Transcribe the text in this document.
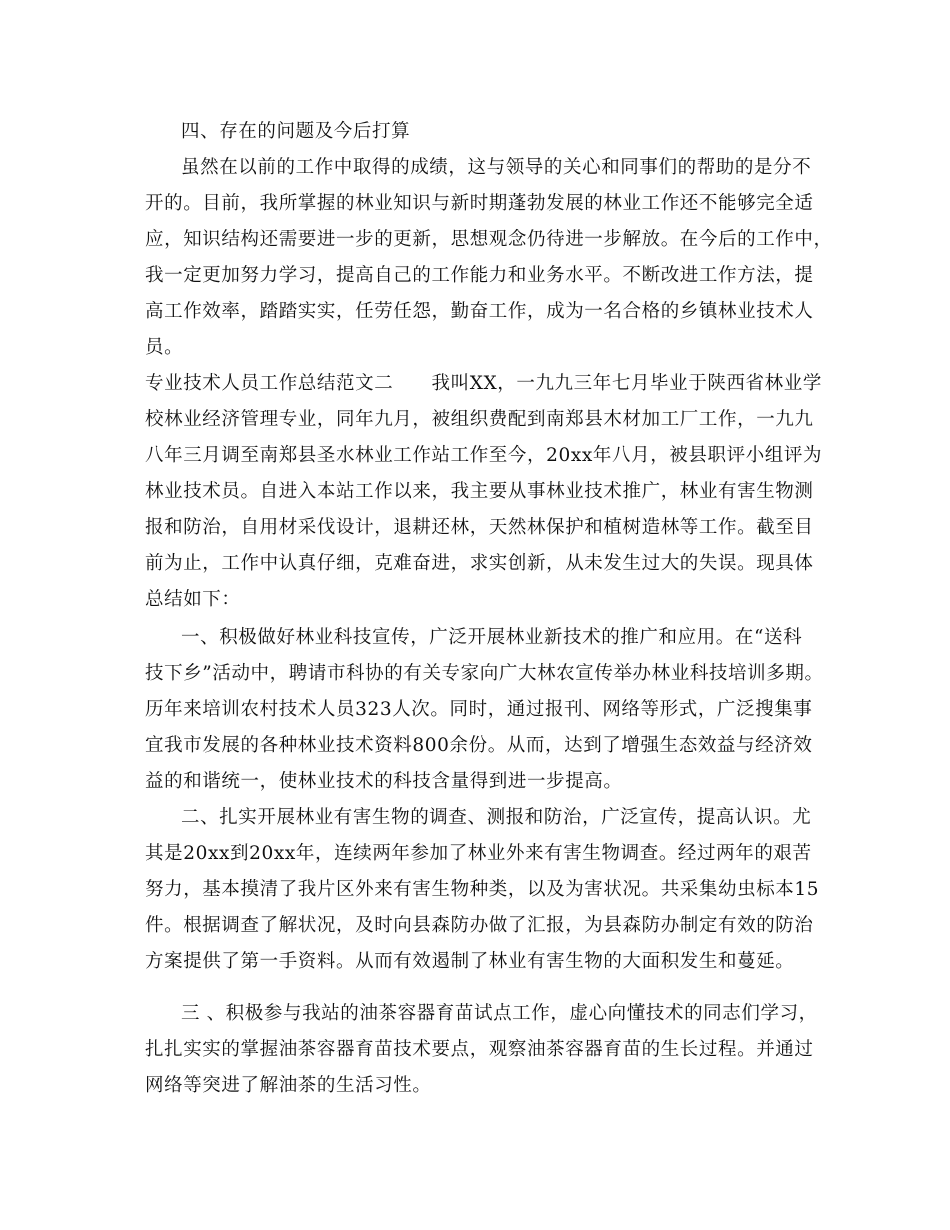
四、存在的问题及今后打算
虽然在以前的工作中取得的成绩，这与领导的关心和同事们的帮助的是分不
开的。目前，我所掌握的林业知识与新时期蓬勃发展的林业工作还不能够完全适
应，知识结构还需要进一步的更新，思想观念仍待进一步解放。在今后的工作中，
我一定更加努力学习，提高自己的工作能力和业务水平。不断改进工作方法，提
高工作效率，踏踏实实，任劳任怨，勤奋工作，成为一名合格的乡镇林业技术人
员。
专业技术人员工作总结范文二　　我叫XX，一九九三年七月毕业于陕西省林业学
校林业经济管理专业，同年九月，被组织费配到南郑县木材加工厂工作，一九九
八年三月调至南郑县圣水林业工作站工作至今，20xx年八月，被县职评小组评为
林业技术员。自进入本站工作以来，我主要从事林业技术推广，林业有害生物测
报和防治，自用材采伐设计，退耕还林，天然林保护和植树造林等工作。截至目
前为止，工作中认真仔细，克难奋进，求实创新，从未发生过大的失误。现具体
总结如下：
一、积极做好林业科技宣传，广泛开展林业新技术的推广和应用。在“送科
技下乡”活动中，聘请市科协的有关专家向广大林农宣传举办林业科技培训多期。
历年来培训农村技术人员323人次。同时，通过报刊、网络等形式，广泛搜集事
宜我市发展的各种林业技术资料800余份。从而，达到了增强生态效益与经济效
益的和谐统一，使林业技术的科技含量得到进一步提高。
二、扎实开展林业有害生物的调查、测报和防治，广泛宣传，提高认识。尤
其是20xx到20xx年，连续两年参加了林业外来有害生物调查。经过两年的艰苦
努力，基本摸清了我片区外来有害生物种类，以及为害状况。共采集幼虫标本15
件。根据调查了解状况，及时向县森防办做了汇报，为县森防办制定有效的防治
方案提供了第一手资料。从而有效遏制了林业有害生物的大面积发生和蔓延。
三 、积极参与我站的油茶容器育苗试点工作，虚心向懂技术的同志们学习，
扎扎实实的掌握油茶容器育苗技术要点，观察油茶容器育苗的生长过程。并通过
网络等突进了解油茶的生活习性。
